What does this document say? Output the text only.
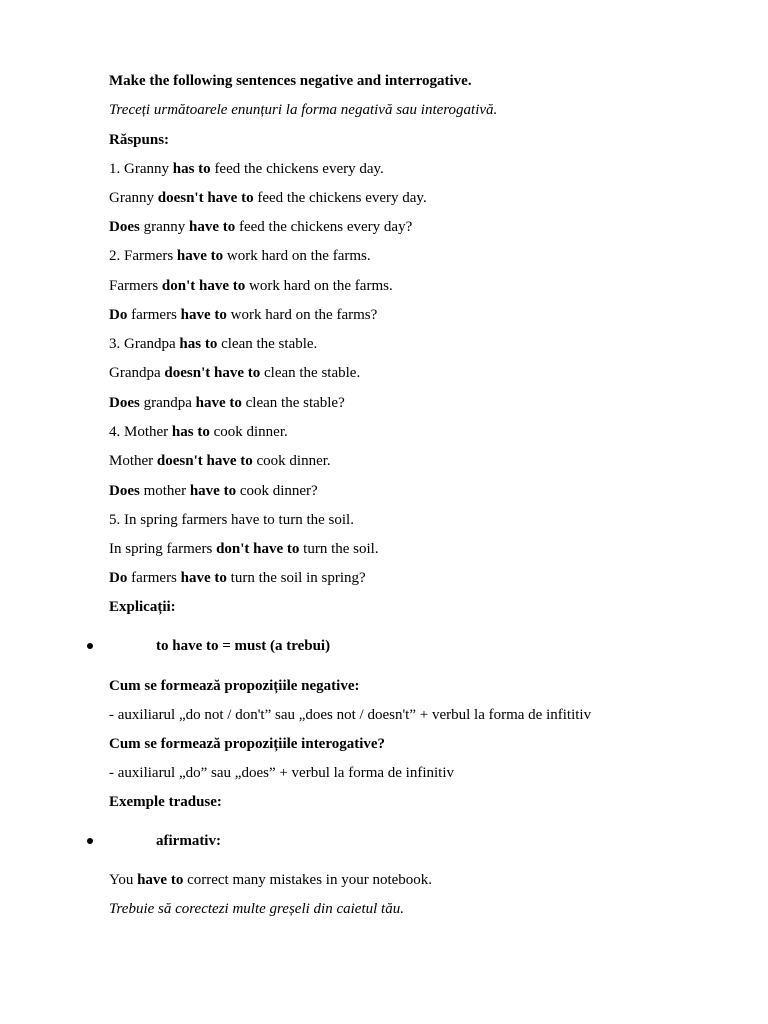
Make the following sentences negative and interrogative.
Treceți următoarele enunțuri la forma negativă sau interogativă.
Răspuns:
1. Granny has to feed the chickens every day.
Granny doesn't have to feed the chickens every day.
Does granny have to feed the chickens every day?
2. Farmers have to work hard on the farms.
Farmers don't have to work hard on the farms.
Do farmers have to work hard on the farms?
3. Grandpa has to clean the stable.
Grandpa doesn't have to clean the stable.
Does grandpa have to clean the stable?
4. Mother has to cook dinner.
Mother doesn't have to cook dinner.
Does mother have to cook dinner?
5. In spring farmers have to turn the soil.
In spring farmers don't have to turn the soil.
Do farmers have to turn the soil in spring?
Explicații:
to have to = must (a trebui)
Cum se formează propozițiile negative:
- auxiliarul „do not / don't” sau „does not / doesn't” + verbul la forma de infititiv
Cum se formează propozițiile interogative?
- auxiliarul „do” sau „does” + verbul la forma de infinitiv
Exemple traduse:
afirmativ:
You have to correct many mistakes in your notebook.
Trebuie să corectezi multe greșeli din caietul tău.
